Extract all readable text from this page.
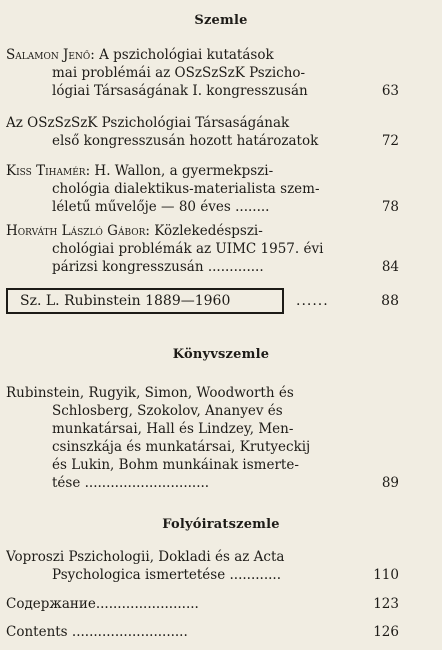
Szemle
Salamon Jenő: A pszichológiai kutatások
mai problémái az OSzSzSzK Pszicho-
lógiai Társaságának I. kongresszusán	63
Az OSzSzSzK Pszichológiai Társaságának
első kongresszusán hozott határozatok	72
Kiss Tihamér: H. Wallon, a gyermekpszi-
chológia dialektikus-materialista szem-
léletű művelője — 80 éves ........	78
Horváth László Gábor: Közlekedéspszi-
chológiai problémák az UIMC 1957. évi
párizsi kongresszusán .............	84
Sz. L. Rubinstein 1889—1960	......	88
Könyvszemle
Rubinstein, Rugyik, Simon, Woodworth és
Schlosberg, Szokolov, Ananyev és
munkatársai, Hall és Lindzey, Men-
csinszkája és munkatársai, Krutyeckij
és Lukin, Bohm munkáinak ismerte-
tése .............................	89
Folyóiratszemle
Voproszi Pszichologii, Dokladi és az Acta
Psychologica ismertetése ............	110
Содержание........................	123
Contents ...........................	126
